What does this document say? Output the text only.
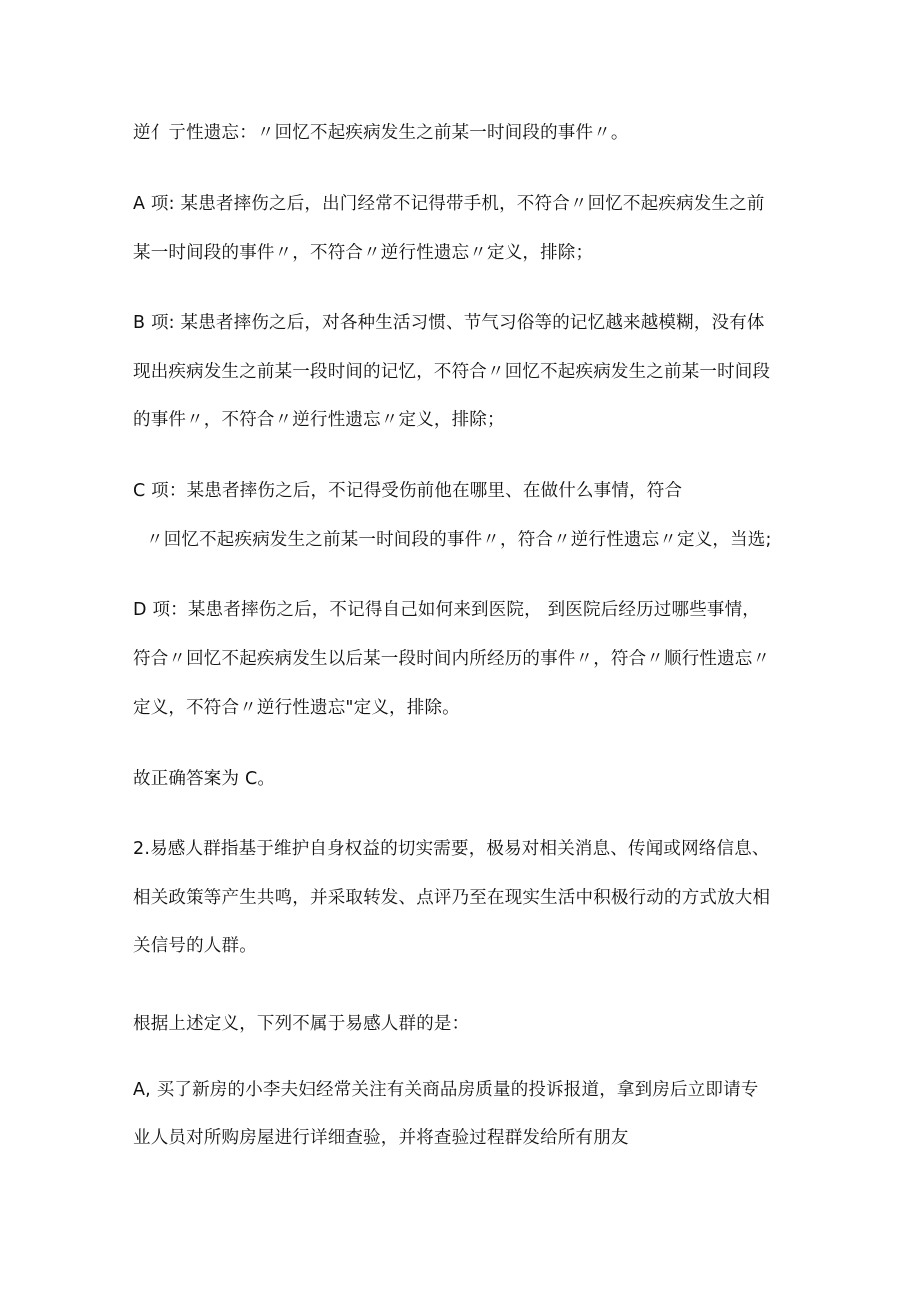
逆亻亍性遗忘：〃回忆不起疾病发生之前某一时间段的事件〃。
A 项: 某患者摔伤之后，出门经常不记得带手机，不符合〃回忆不起疾病发生之前
某一时间段的事件〃，不符合〃逆行性遗忘〃定义，排除；
B 项: 某患者摔伤之后，对各种生活习惯、节气习俗等的记忆越来越模糊，没有体
现出疾病发生之前某一段时间的记忆，不符合〃回忆不起疾病发生之前某一时间段
的事件〃，不符合〃逆行性遗忘〃定义，排除；
C 项：某患者摔伤之后，不记得受伤前他在哪里、在做什么事情，符合
〃回忆不起疾病发生之前某一时间段的事件〃，符合〃逆行性遗忘〃定义，当选;
D 项：某患者摔伤之后，不记得自己如何来到医院， 到医院后经历过哪些事情，
符合〃回忆不起疾病发生以后某一段时间内所经历的事件〃，符合〃顺行性遗忘〃
定义，不符合〃逆行性遗忘"定义，排除。
故正确答案为 C。
2.易感人群指基于维护自身权益的切实需要，极易对相关消息、传闻或网络信息、
相关政策等产生共鸣，并采取转发、点评乃至在现实生活中积极行动的方式放大相
关信号的人群。
根据上述定义，下列不属于易感人群的是：
A, 买了新房的小李夫妇经常关注有关商品房质量的投诉报道，拿到房后立即请专
业人员对所购房屋进行详细查验，并将查验过程群发给所有朋友
